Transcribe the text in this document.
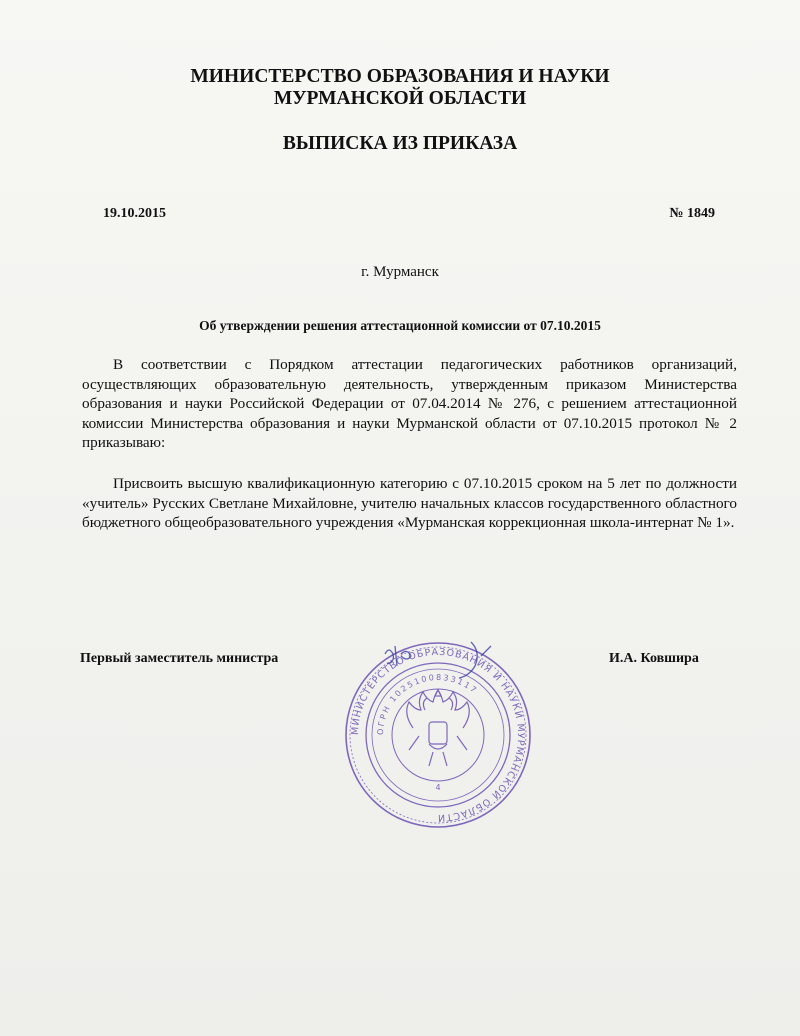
МИНИСТЕРСТВО ОБРАЗОВАНИЯ И НАУКИ
МУРМАНСКОЙ ОБЛАСТИ
ВЫПИСКА ИЗ ПРИКАЗА
19.10.2015	№ 1849
г. Мурманск
Об утверждении решения аттестационной комиссии от 07.10.2015
В соответствии с Порядком аттестации педагогических работников организаций, осуществляющих образовательную деятельность, утвержденным приказом Министерства образования и науки Российской Федерации от 07.04.2014 № 276, с решением аттестационной комиссии Министерства образования и науки Мурманской области от 07.10.2015 протокол № 2 приказываю:
Присвоить высшую квалификационную категорию с 07.10.2015 сроком на 5 лет по должности «учитель» Русских Светлане Михайловне, учителю начальных классов государственного областного бюджетного общеобразовательного учреждения «Мурманская коррекционная школа-интернат № 1».
Первый заместитель министра	И.А. Ковшира
МИНИСТЕРСТВО ОБРАЗОВАНИЯ И НАУКИ МУРМАНСКОЙ ОБЛАСТИ
ОГРН 1025100833117
4
